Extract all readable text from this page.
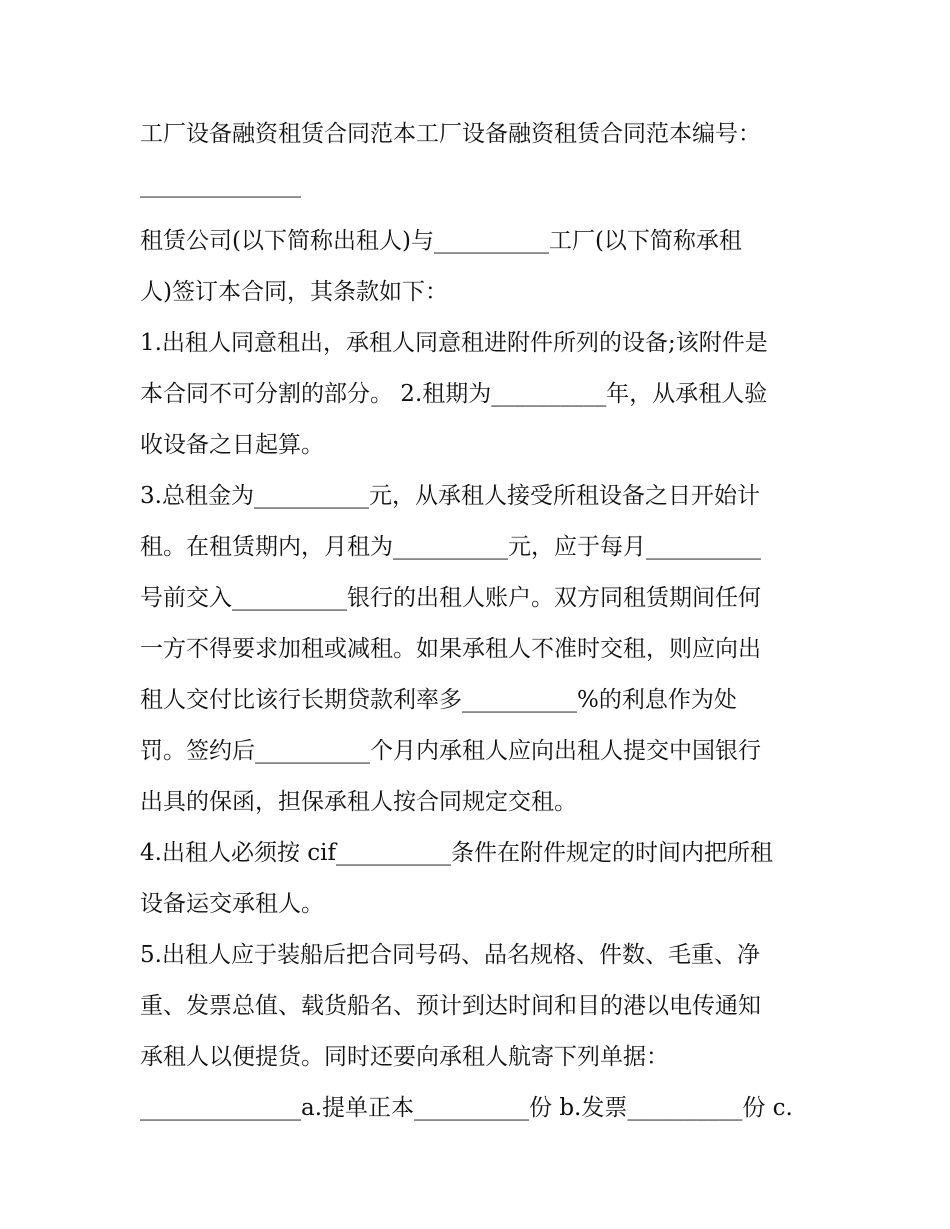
工厂设备融资租赁合同范本工厂设备融资租赁合同范本编号：
______________
租赁公司(以下简称出租人)与__________工厂(以下简称承租
人)签订本合同，其条款如下：
1.出租人同意租出，承租人同意租进附件所列的设备;该附件是
本合同不可分割的部分。 2.租期为__________年，从承租人验
收设备之日起算。
3.总租金为__________元，从承租人接受所租设备之日开始计
租。在租赁期内，月租为__________元，应于每月__________
号前交入__________银行的出租人账户。双方同租赁期间任何
一方不得要求加租或减租。如果承租人不准时交租，则应向出
租人交付比该行长期贷款利率多__________%的利息作为处
罚。签约后__________个月内承租人应向出租人提交中国银行
出具的保函，担保承租人按合同规定交租。
4.出租人必须按 cif__________条件在附件规定的时间内把所租
设备运交承租人。
5.出租人应于装船后把合同号码、品名规格、件数、毛重、净
重、发票总值、载货船名、预计到达时间和目的港以电传通知
承租人以便提货。同时还要向承租人航寄下列单据：
______________a.提单正本__________份 b.发票__________份 c.
